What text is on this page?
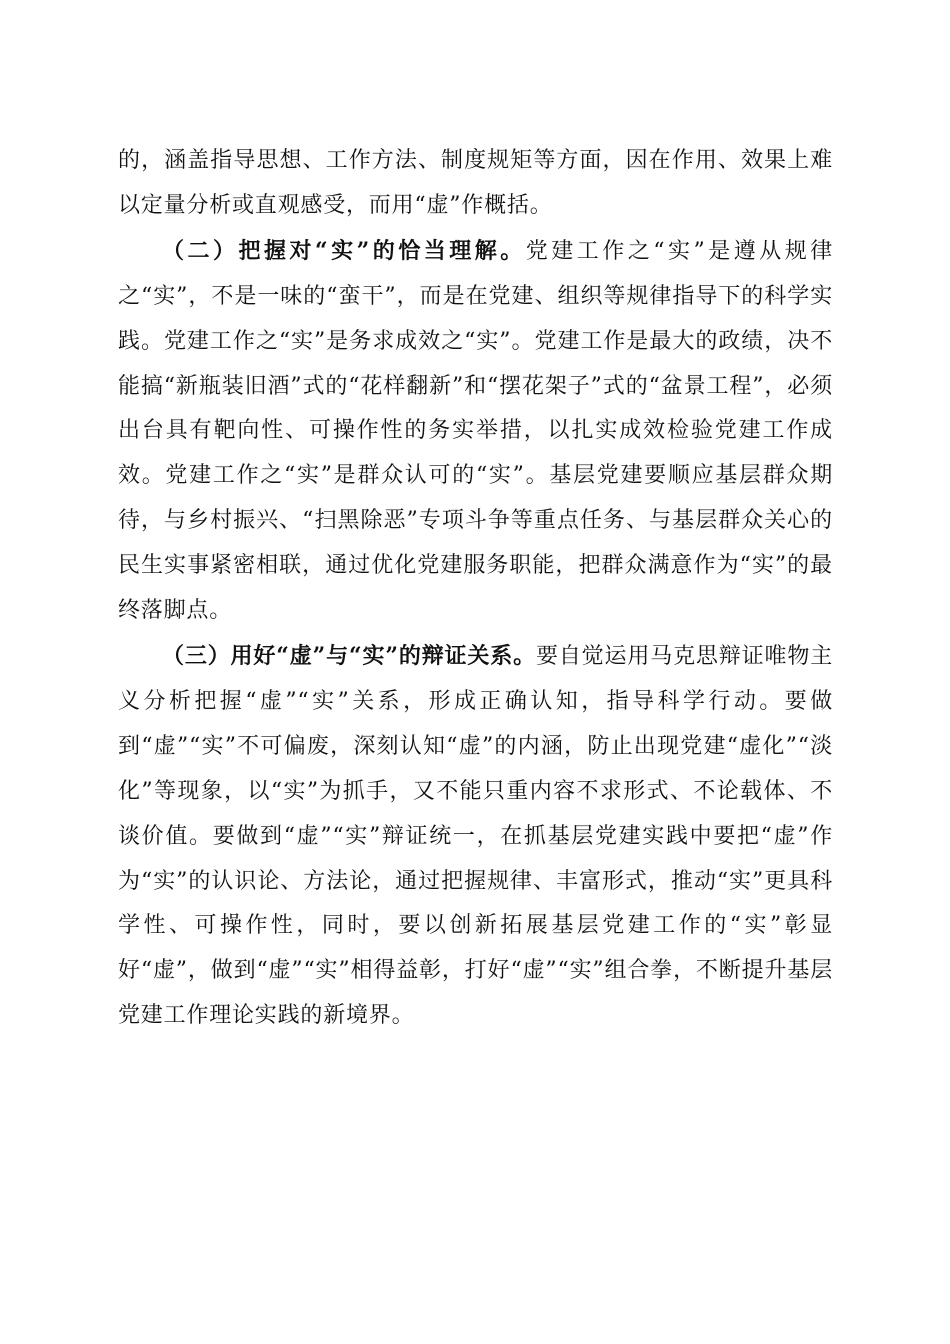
的，涵盖指导思想、工作方法、制度规矩等方面，因在作用、效果上难以定量分析或直观感受，而用“虚”作概括。

（二）把握对“实”的恰当理解。党建工作之“实”是遵从规律之“实”，不是一味的“蛮干”，而是在党建、组织等规律指导下的科学实践。党建工作之“实”是务求成效之“实”。党建工作是最大的政绩，决不能搞“新瓶装旧酒”式的“花样翻新”和“摆花架子”式的“盆景工程”，必须出台具有靶向性、可操作性的务实举措，以扎实成效检验党建工作成效。党建工作之“实”是群众认可的“实”。基层党建要顺应基层群众期待，与乡村振兴、“扫黑除恶”专项斗争等重点任务、与基层群众关心的民生实事紧密相联，通过优化党建服务职能，把群众满意作为“实”的最终落脚点。

（三）用好“虚”与“实”的辩证关系。要自觉运用马克思辩证唯物主义分析把握“虚”“实”关系，形成正确认知，指导科学行动。要做到“虚”“实”不可偏废，深刻认知“虚”的内涵，防止出现党建“虚化”“淡化”等现象，以“实”为抓手，又不能只重内容不求形式、不论载体、不谈价值。要做到“虚”“实”辩证统一，在抓基层党建实践中要把“虚”作为“实”的认识论、方法论，通过把握规律、丰富形式，推动“实”更具科学性、可操作性，同时，要以创新拓展基层党建工作的“实”彰显好“虚”，做到“虚”“实”相得益彰，打好“虚”“实”组合拳，不断提升基层党建工作理论实践的新境界。
